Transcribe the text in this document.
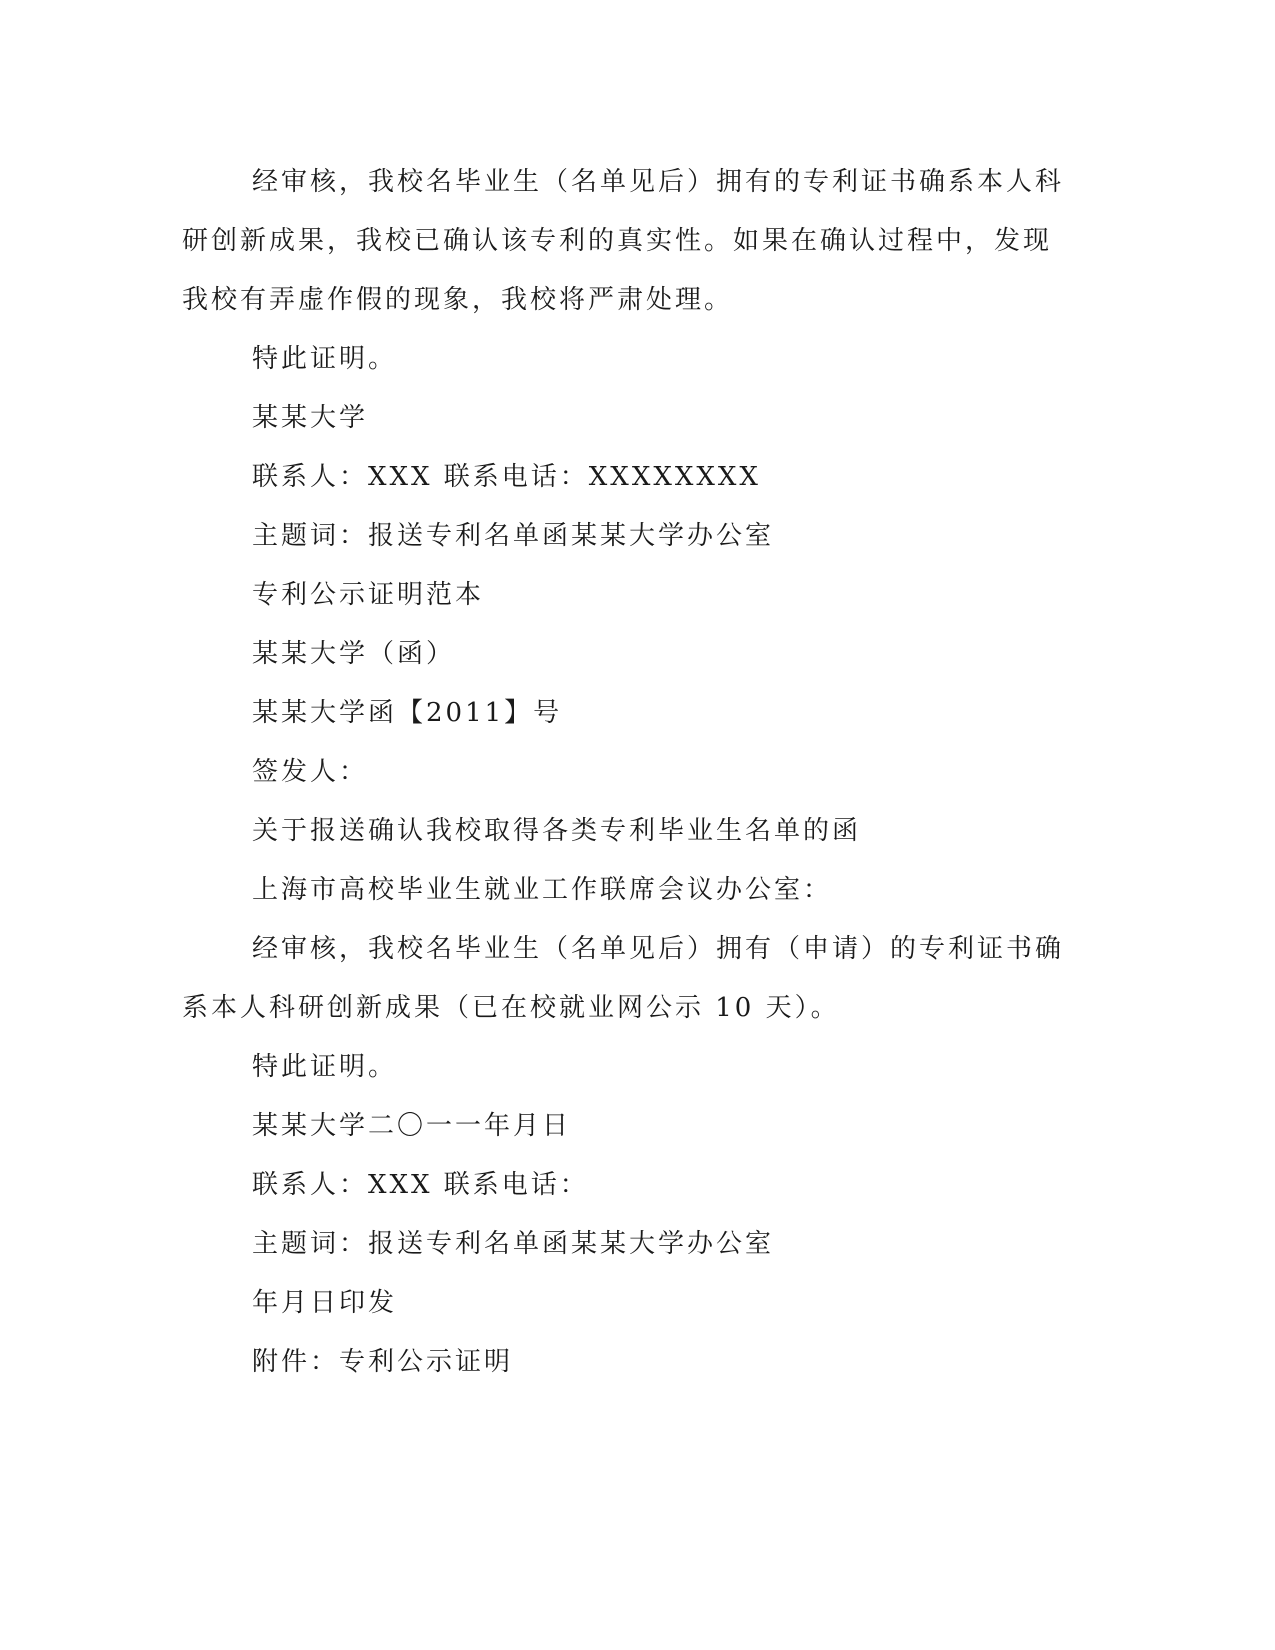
经审核，我校名毕业生（名单见后）拥有的专利证书确系本人科
研创新成果，我校已确认该专利的真实性。如果在确认过程中，发现
我校有弄虚作假的现象，我校将严肃处理。
特此证明。
某某大学
联系人：XXX 联系电话：XXXXXXXX
主题词：报送专利名单函某某大学办公室
专利公示证明范本
某某大学（函）
某某大学函【2011】号
签发人：
关于报送确认我校取得各类专利毕业生名单的函
上海市高校毕业生就业工作联席会议办公室：
经审核，我校名毕业生（名单见后）拥有（申请）的专利证书确
系本人科研创新成果（已在校就业网公示 10 天）。
特此证明。
某某大学二〇一一年月日
联系人：XXX 联系电话：
主题词：报送专利名单函某某大学办公室
年月日印发
附件：专利公示证明
